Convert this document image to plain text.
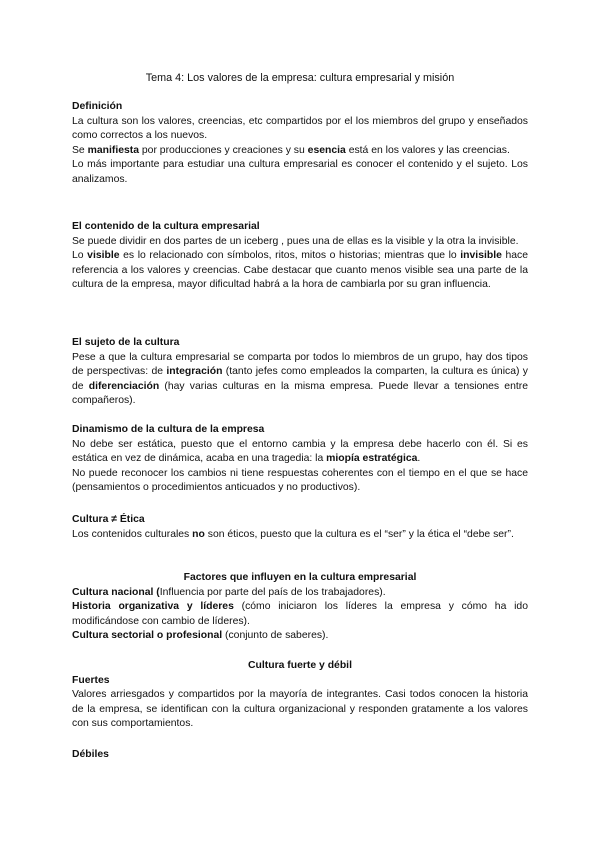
Tema 4: Los valores de la empresa: cultura empresarial y misión

Definición

La cultura son los valores, creencias, etc compartidos por el los miembros del grupo y enseñados como correctos a los nuevos.

Se manifiesta por producciones y creaciones y su esencia está en los valores y las creencias.

Lo más importante para estudiar una cultura empresarial es conocer el contenido y el sujeto. Los analizamos.

El contenido de la cultura empresarial

Se puede dividir en dos partes de un iceberg , pues una de ellas es la visible y la otra la invisible.

Lo visible es lo relacionado con símbolos, ritos, mitos o historias; mientras que lo invisible hace referencia a los valores y creencias. Cabe destacar que cuanto menos visible sea una parte de la cultura de la empresa, mayor dificultad habrá a la hora de cambiarla por su gran influencia.

El sujeto de la cultura

Pese a que la cultura empresarial se comparta por todos lo miembros de un grupo, hay dos tipos de perspectivas: de integración (tanto jefes como empleados la comparten, la cultura es única) y de diferenciación (hay varias culturas en la misma empresa. Puede llevar a tensiones entre compañeros).

Dinamismo de la cultura de la empresa

No debe ser estática, puesto que el entorno cambia y la empresa debe hacerlo con él. Si es estática en vez de dinámica, acaba en una tragedia: la miopía estratégica.

No puede reconocer los cambios ni tiene respuestas coherentes con el tiempo en el que se hace (pensamientos o procedimientos anticuados y no productivos).

Cultura ≠ Ética

Los contenidos culturales no son éticos, puesto que la cultura es el “ser” y la ética el “debe ser”.

Factores que influyen en la cultura empresarial

Cultura nacional (Influencia por parte del país de los trabajadores).

Historia organizativa y líderes (cómo iniciaron los líderes la empresa y cómo ha ido modificándose con cambio de líderes).

Cultura sectorial o profesional (conjunto de saberes).

Cultura fuerte y débil

Fuertes

Valores arriesgados y compartidos por la mayoría de integrantes. Casi todos conocen la historia de la empresa, se identifican con la cultura organizacional y responden gratamente a los valores con sus comportamientos.

Débiles
